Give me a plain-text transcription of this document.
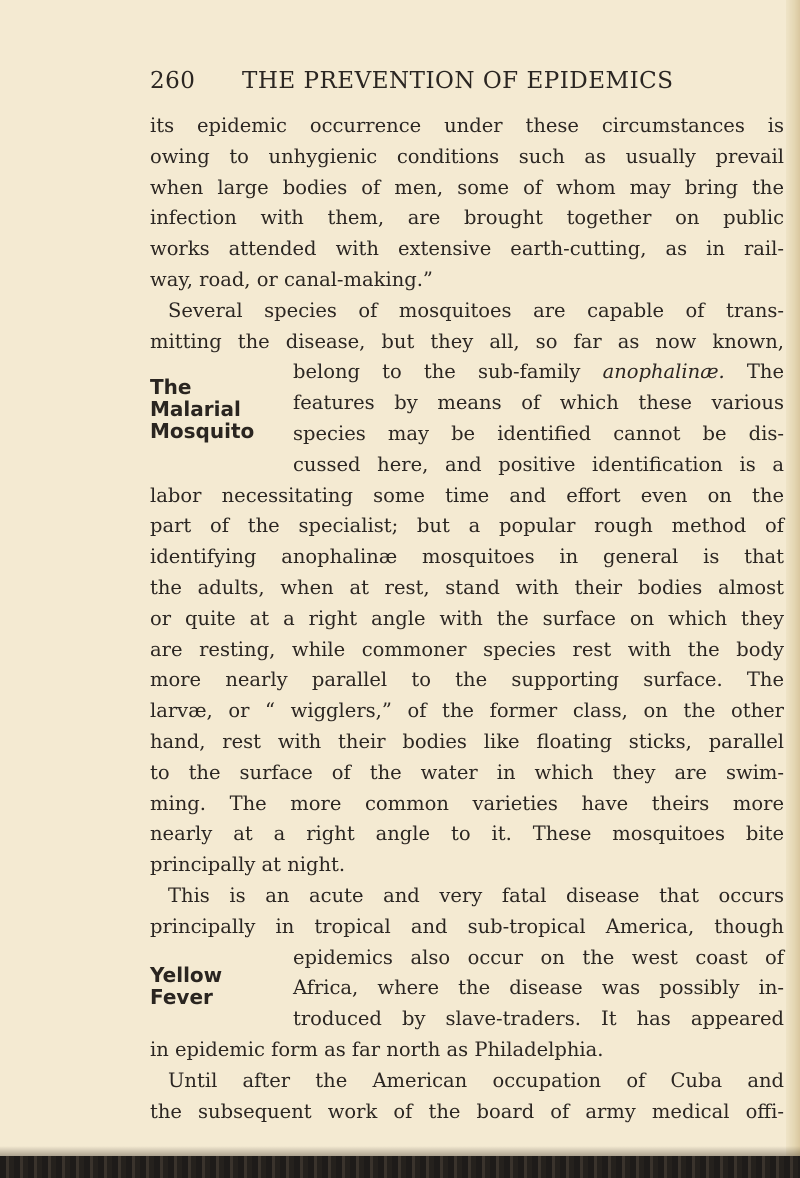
260 THE PREVENTION OF EPIDEMICS
its epidemic occurrence under these circumstances is
owing to unhygienic conditions such as usually prevail
when large bodies of men, some of whom may bring the
infection with them, are brought together on public
works attended with extensive earth-cutting, as in rail-
way, road, or canal-making.”
Several species of mosquitoes are capable of trans-
mitting the disease, but they all, so far as now known,
The
Malarial
Mosquito
belong to the sub-family anophalinæ. The
features by means of which these various
species may be identified cannot be dis-
cussed here, and positive identification is a
labor necessitating some time and effort even on the
part of the specialist; but a popular rough method of
identifying anophalinæ mosquitoes in general is that
the adults, when at rest, stand with their bodies almost
or quite at a right angle with the surface on which they
are resting, while commoner species rest with the body
more nearly parallel to the supporting surface. The
larvæ, or “ wigglers,” of the former class, on the other
hand, rest with their bodies like floating sticks, parallel
to the surface of the water in which they are swim-
ming. The more common varieties have theirs more
nearly at a right angle to it. These mosquitoes bite
principally at night.
This is an acute and very fatal disease that occurs
principally in tropical and sub-tropical America, though
Yellow
Fever
epidemics also occur on the west coast of
Africa, where the disease was possibly in-
troduced by slave-traders. It has appeared
in epidemic form as far north as Philadelphia.
Until after the American occupation of Cuba and
the subsequent work of the board of army medical offi-
